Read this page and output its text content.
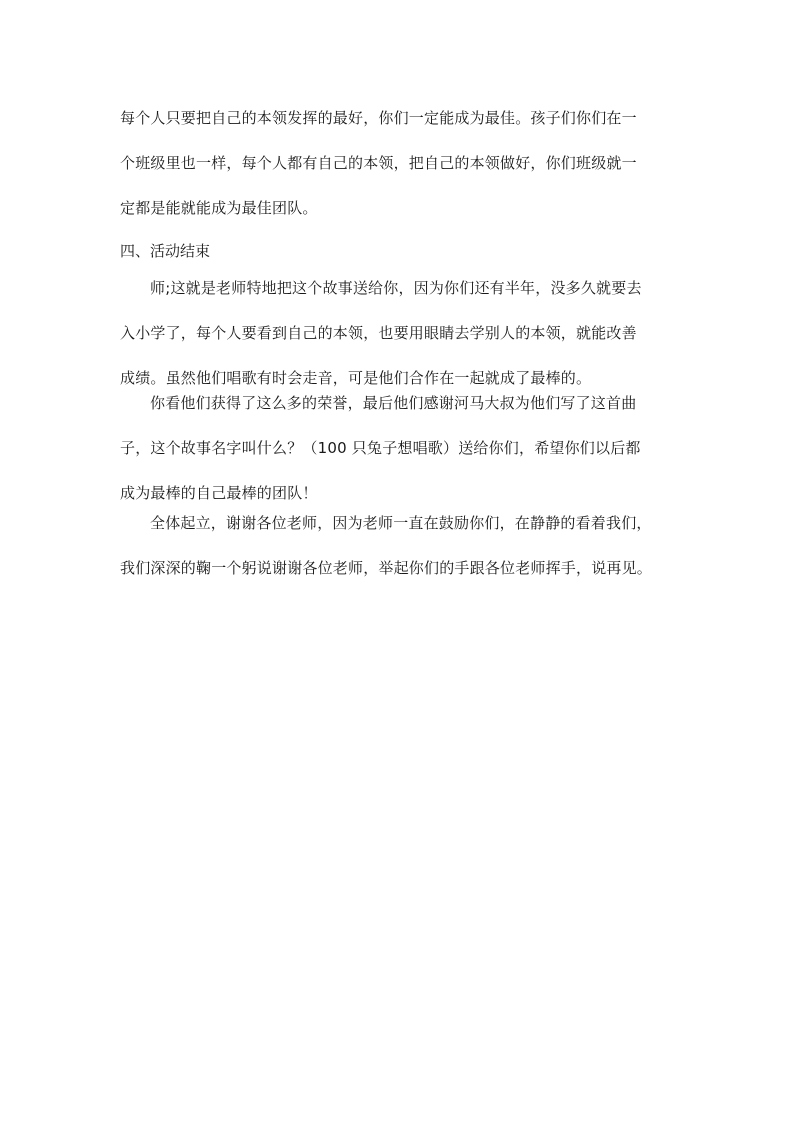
每个人只要把自己的本领发挥的最好，你们一定能成为最佳。孩子们你们在一
个班级里也一样，每个人都有自己的本领，把自己的本领做好，你们班级就一
定都是能就能成为最佳团队。
四、活动结束
师;这就是老师特地把这个故事送给你，因为你们还有半年，没多久就要去
入小学了，每个人要看到自己的本领，也要用眼睛去学别人的本领，就能改善
成绩。虽然他们唱歌有时会走音，可是他们合作在一起就成了最棒的。
你看他们获得了这么多的荣誉，最后他们感谢河马大叔为他们写了这首曲
子，这个故事名字叫什么？（100 只兔子想唱歌）送给你们，希望你们以后都
成为最棒的自己最棒的团队！
全体起立，谢谢各位老师，因为老师一直在鼓励你们，在静静的看着我们，
我们深深的鞠一个躬说谢谢各位老师，举起你们的手跟各位老师挥手，说再见。
